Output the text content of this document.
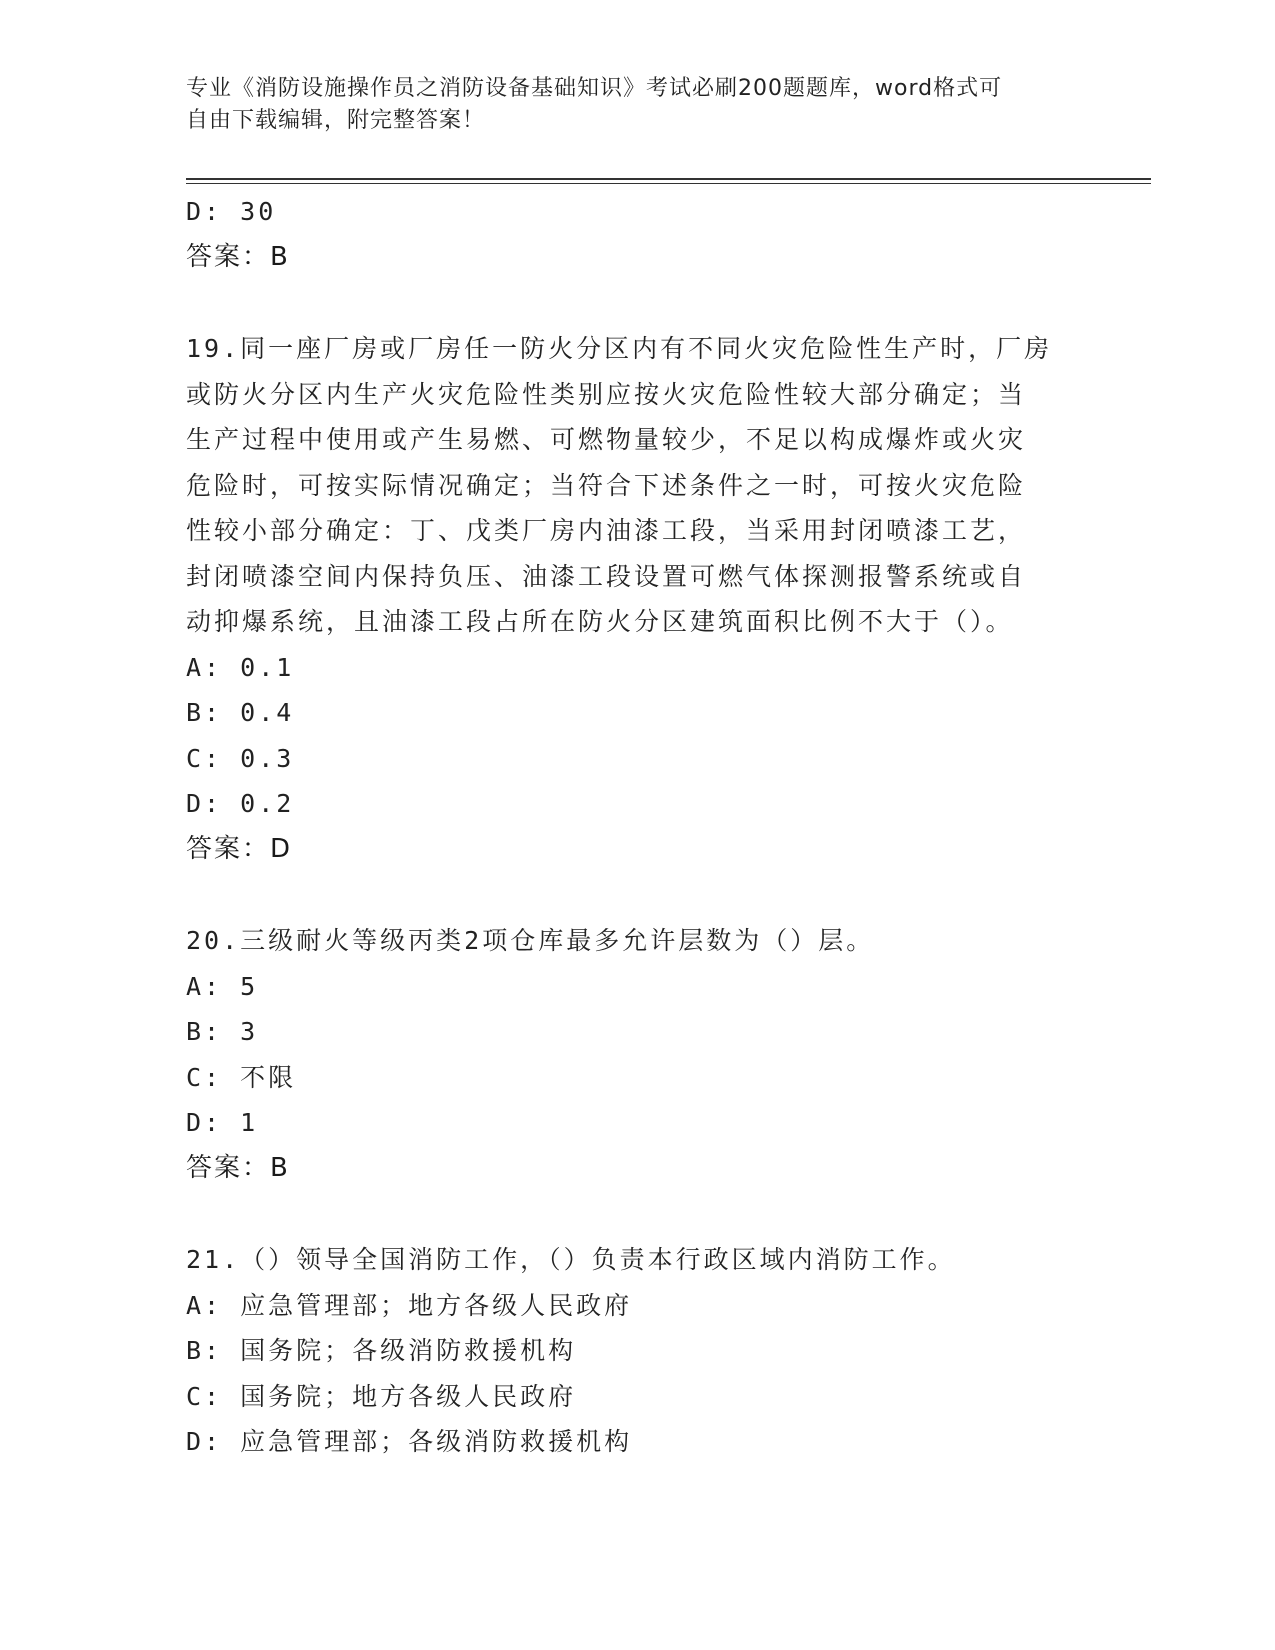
专业《消防设施操作员之消防设备基础知识》考试必刷200题题库，word格式可
自由下载编辑，附完整答案！
D: 30
答案：B
19.同一座厂房或厂房任一防火分区内有不同火灾危险性生产时，厂房
或防火分区内生产火灾危险性类别应按火灾危险性较大部分确定；当
生产过程中使用或产生易燃、可燃物量较少，不足以构成爆炸或火灾
危险时，可按实际情况确定；当符合下述条件之一时，可按火灾危险
性较小部分确定：丁、戊类厂房内油漆工段，当采用封闭喷漆工艺，
封闭喷漆空间内保持负压、油漆工段设置可燃气体探测报警系统或自
动抑爆系统，且油漆工段占所在防火分区建筑面积比例不大于（）。
A: 0.1
B: 0.4
C: 0.3
D: 0.2
答案：D
20.三级耐火等级丙类2项仓库最多允许层数为（）层。
A: 5
B: 3
C: 不限
D: 1
答案：B
21.（）领导全国消防工作，（）负责本行政区域内消防工作。
A: 应急管理部；地方各级人民政府
B: 国务院；各级消防救援机构
C: 国务院；地方各级人民政府
D: 应急管理部；各级消防救援机构
